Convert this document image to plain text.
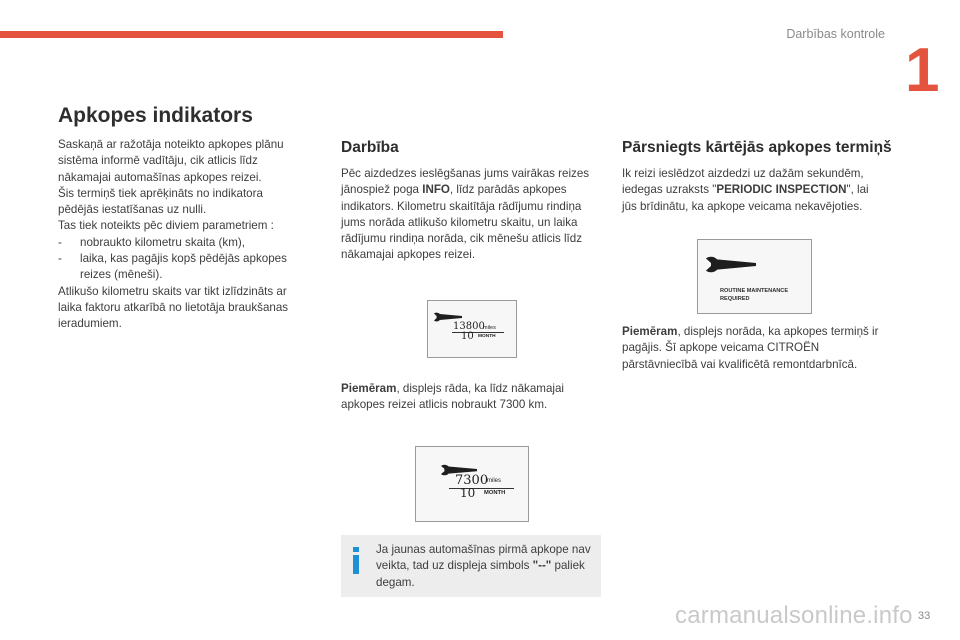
Darbības kontrole
1
Apkopes indikators

Saskaņā ar ražotāja noteikto apkopes plānu sistēma informē vadītāju, cik atlicis līdz nākamajai automašīnas apkopes reizei.

Šis termiņš tiek aprēķināts no indikatora pēdējās iestatīšanas uz nulli.

Tas tiek noteikts pēc diviem parametriem :

- nobraukto kilometru skaita (km),

- laika, kas pagājis kopš pēdējās apkopes reizes (mēneši).

Atlikušo kilometru skaits var tikt izlīdzināts ar laika faktoru atkarībā no lietotāja braukšanas ieradumiem.

Darbība

Pēc aizdedzes ieslēgšanas jums vairākas reizes jānospiež poga INFO, līdz parādās apkopes indikators. Kilometru skaitītāja rādījumu rindiņa jums norāda atlikušo kilometru skaitu, un laika rādījumu rindiņa norāda, cik mēnešu atlicis līdz nākamajai apkopes reizei.

13800
miles
10 MONTH

Piemēram, displejs rāda, ka līdz nākamajai apkopes reizei atlicis nobraukt 7300 km.

7300
miles
10 MONTH

Ja jaunas automašīnas pirmā apkope nav veikta, tad uz displeja simbols "--" paliek degam.

Pārsniegts kārtējās apkopes termiņš

Ik reizi ieslēdzot aizdedzi uz dažām sekundēm, iedegas uzraksts "PERIODIC INSPECTION", lai jūs brīdinātu, ka apkope veicama nekavējoties.

ROUTINE MAINTENANCE
REQUIRED

Piemēram, displejs norāda, ka apkopes termiņš ir pagājis. Šī apkope veicama CITROËN pārstāvniecībā vai kvalificētā remontdarbnīcā.

carmanualsonline.info 33
